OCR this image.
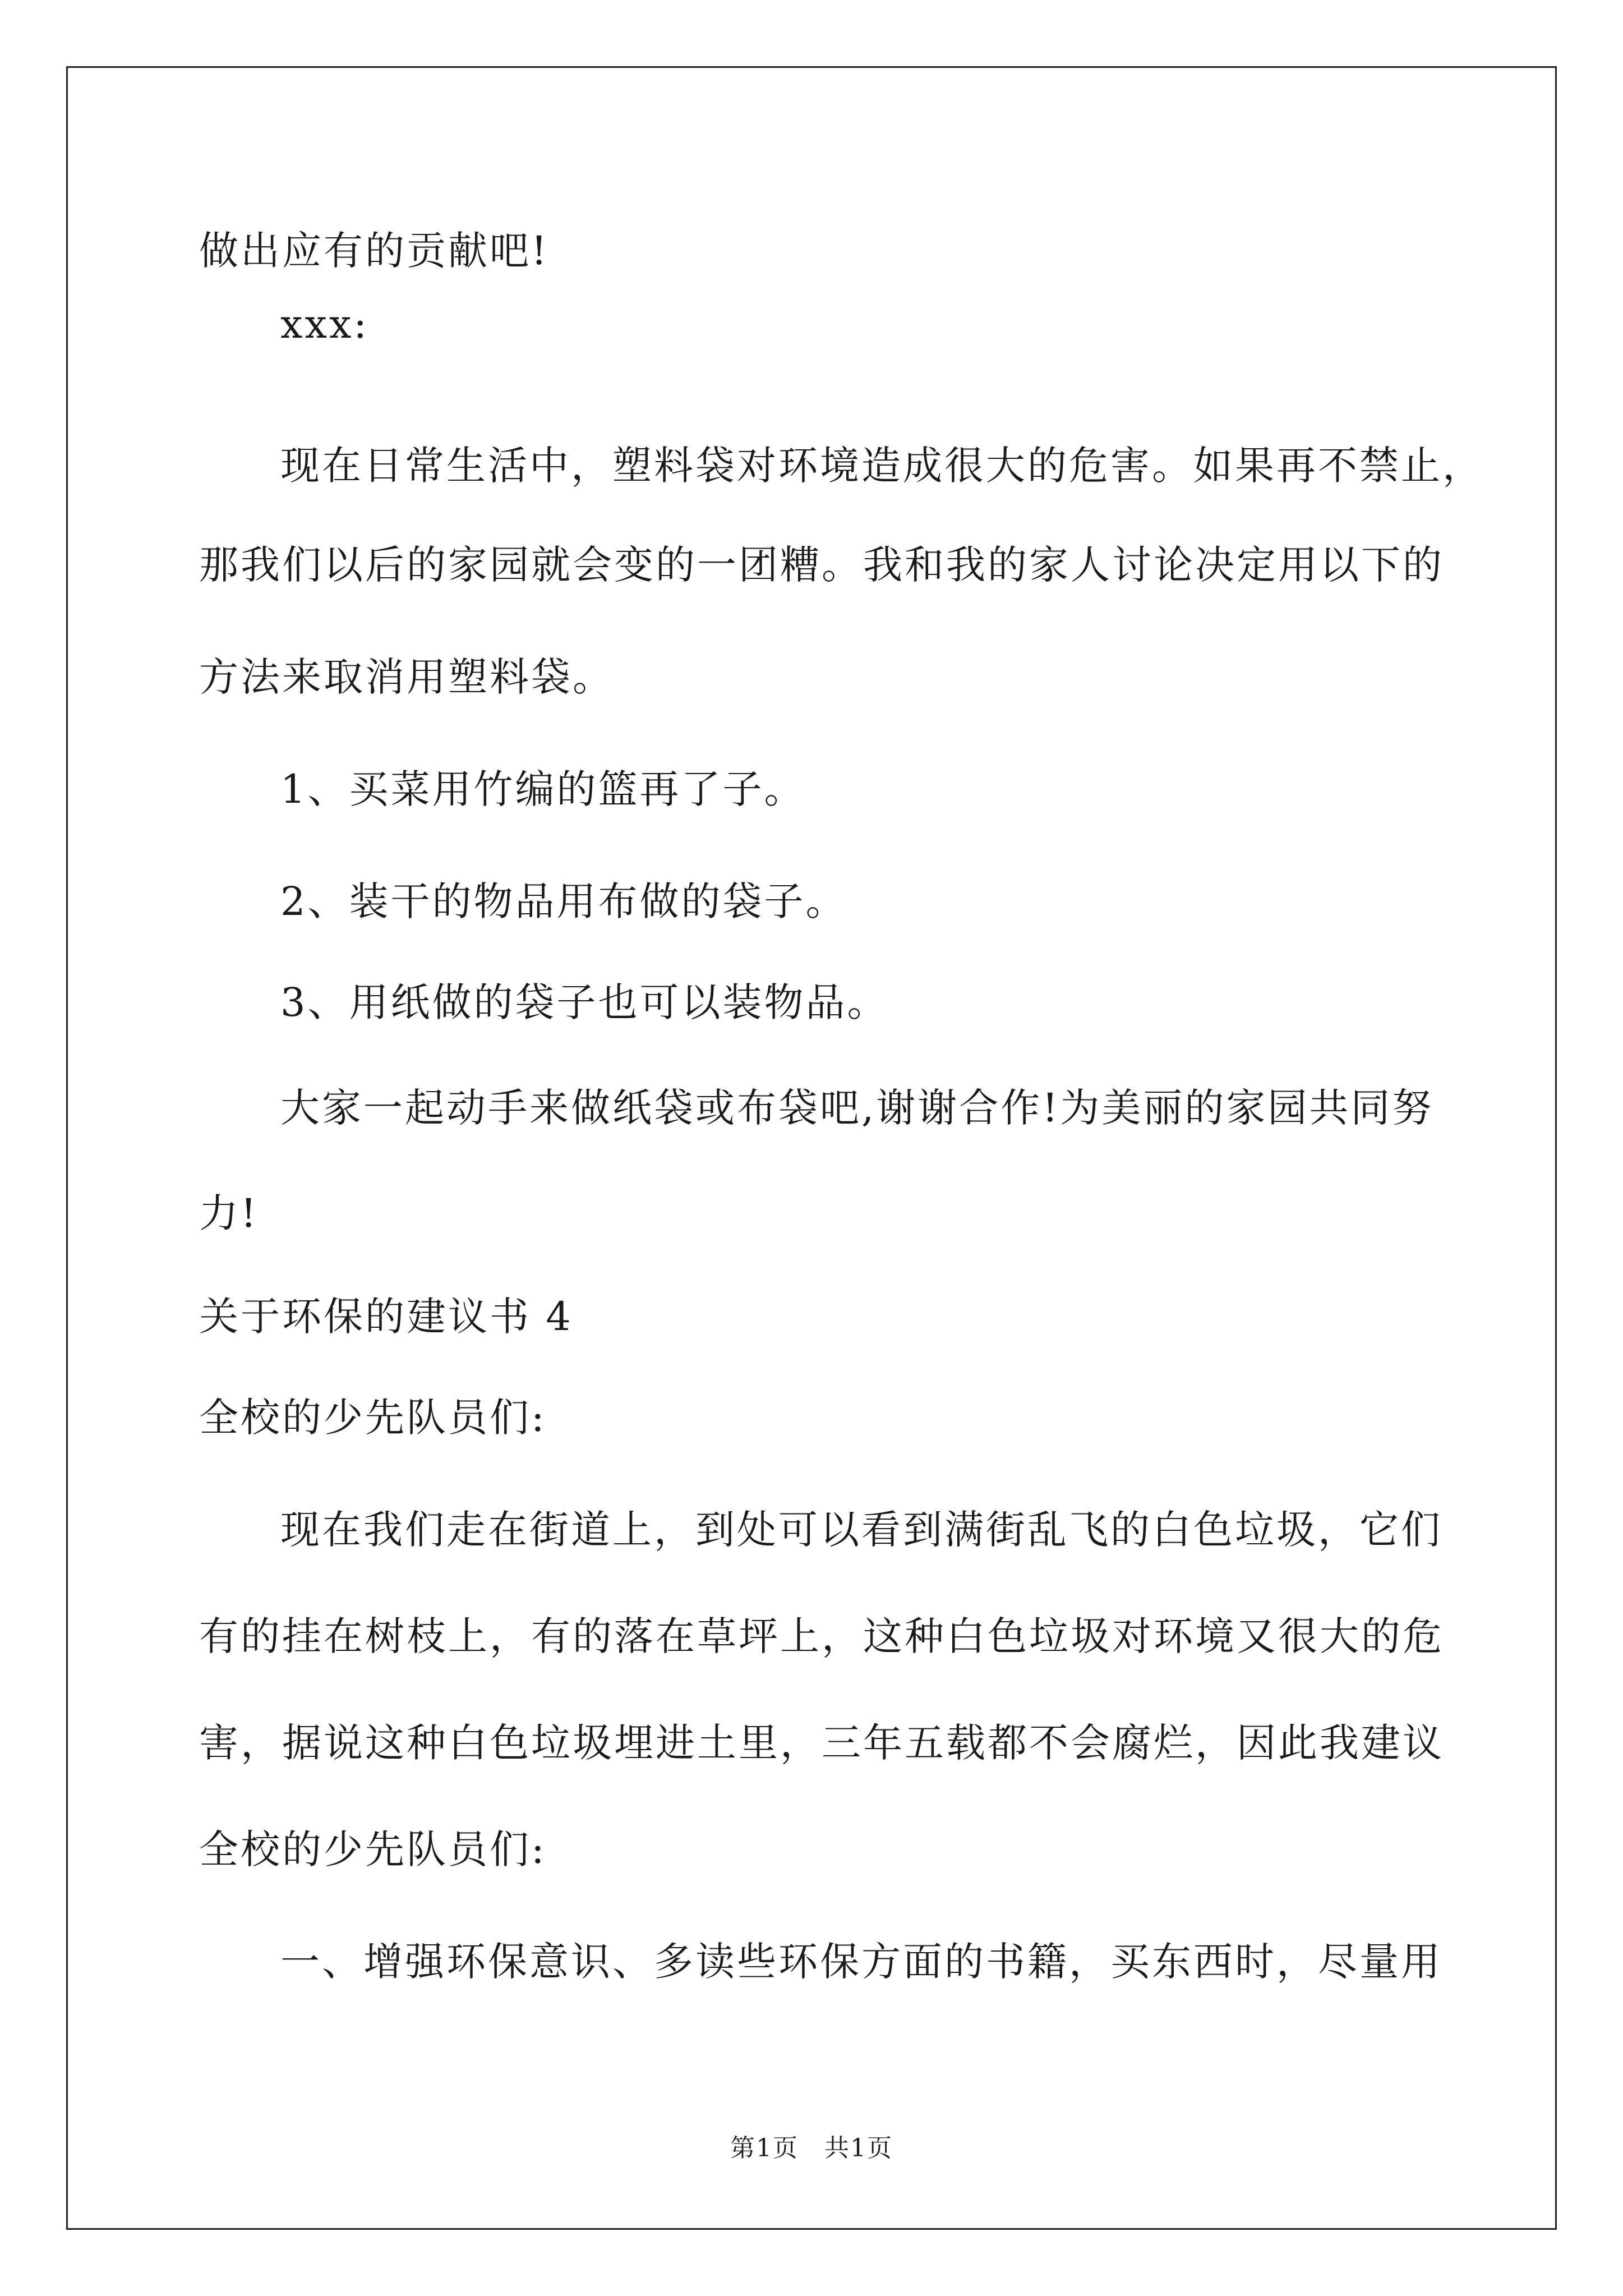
做出应有的贡献吧!
xxx:
现在日常生活中，塑料袋对环境造成很大的危害。如果再不禁止，
那我们以后的家园就会变的一团糟。我和我的家人讨论决定用以下的
方法来取消用塑料袋。
1、买菜用竹编的篮再了子。
2、装干的物品用布做的袋子。
3、用纸做的袋子也可以装物品。
大家一起动手来做纸袋或布袋吧,谢谢合作!为美丽的家园共同努
力!
关于环保的建议书 4
全校的少先队员们:
现在我们走在街道上，到处可以看到满街乱飞的白色垃圾，它们
有的挂在树枝上，有的落在草坪上，这种白色垃圾对环境又很大的危
害，据说这种白色垃圾埋进土里，三年五载都不会腐烂，因此我建议
全校的少先队员们:
一、增强环保意识、多读些环保方面的书籍，买东西时，尽量用
第1页　共1页
